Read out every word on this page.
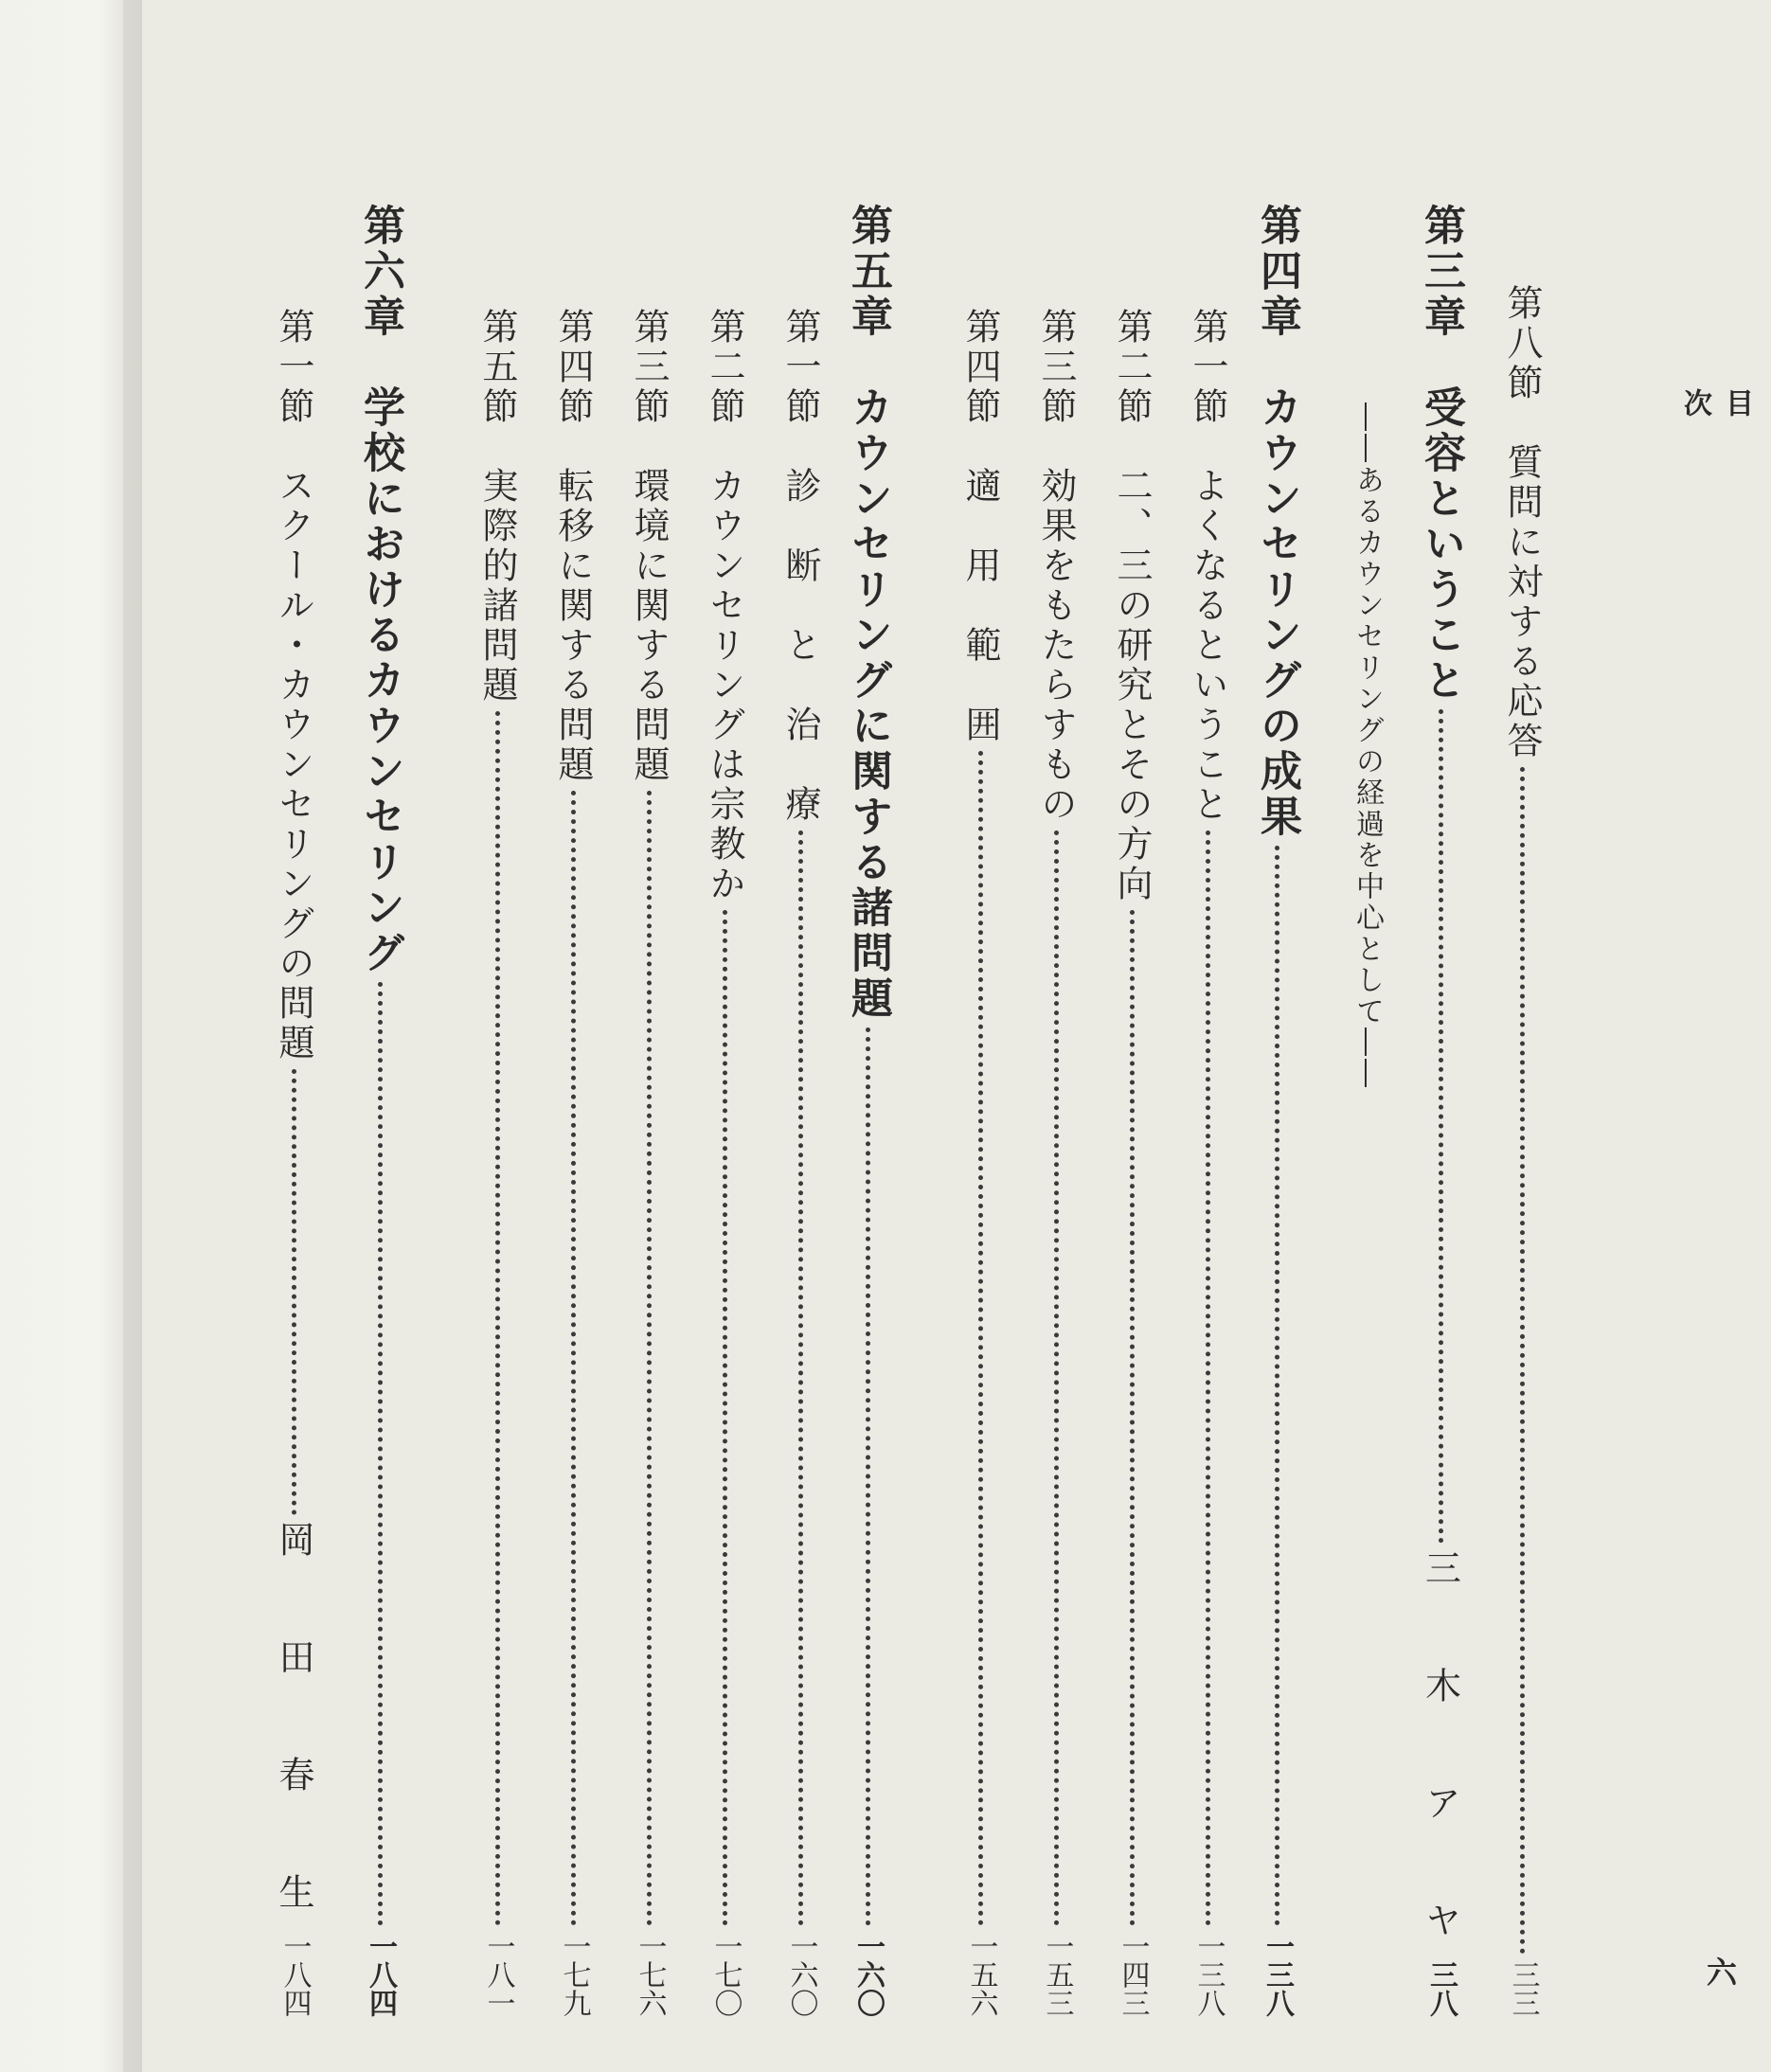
目　次
六
第八節　質問に対する応答
三三
第三章　受容ということ
三　木　ア　ヤ
三八
――あるカウンセリングの経過を中心として――
第四章　カウンセリングの成果
一三八
第一節　よくなるということ
一三八
第二節　二、三の研究とその方向
一四三
第三節　効果をもたらすもの
一五三
第四節　適　用　範　囲
一五六
第五章　カウンセリングに関する諸問題
一六〇
第一節　診　断　と　治　療
一六〇
第二節　カウンセリングは宗教か
一七〇
第三節　環境に関する問題
一七六
第四節　転移に関する問題
一七九
第五節　実際的諸問題
一八一
第六章　学校におけるカウンセリング
一八四
第一節　スクール・カウンセリングの問題
岡　田　春　生
一八四
